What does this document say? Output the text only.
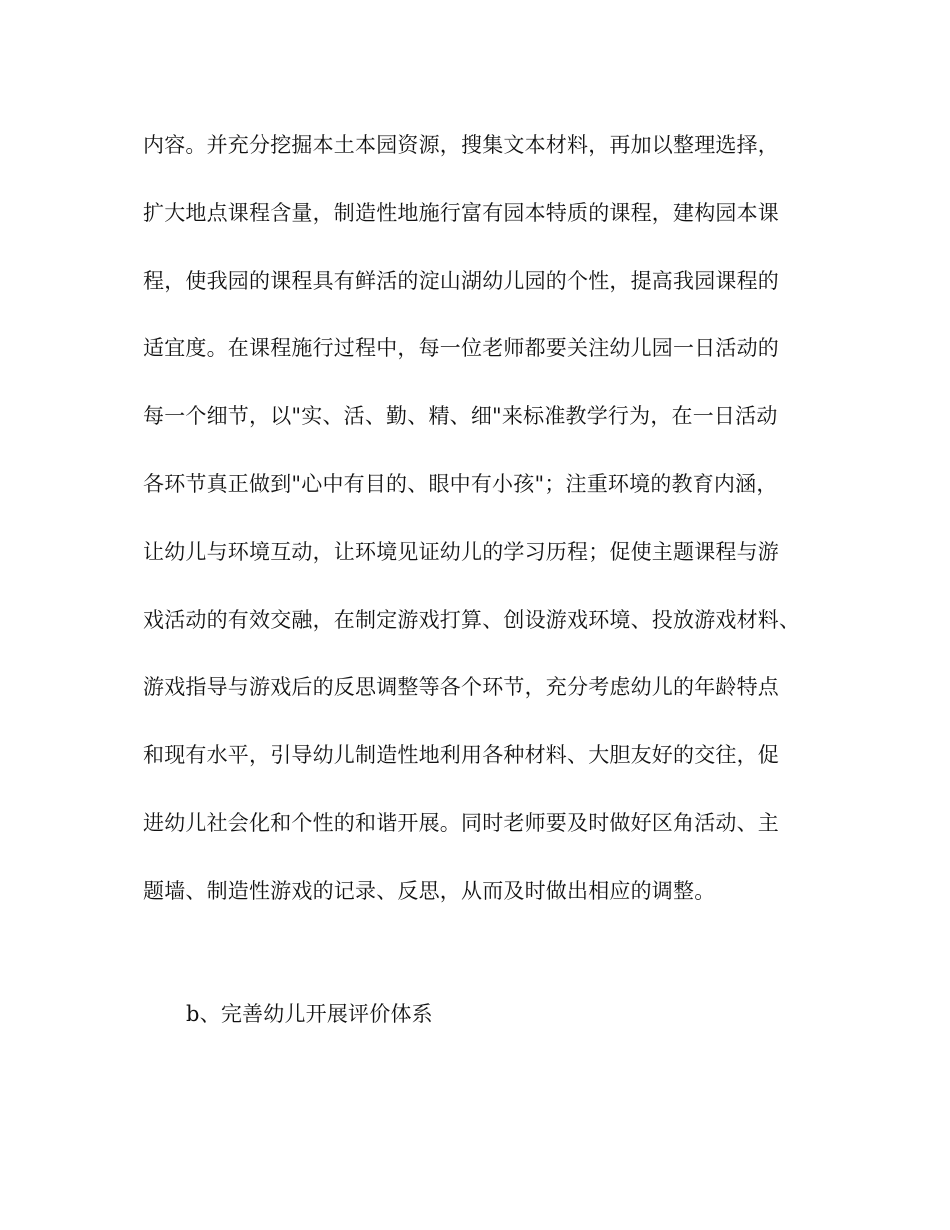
内容。并充分挖掘本土本园资源，搜集文本材料，再加以整理选择，
扩大地点课程含量，制造性地施行富有园本特质的课程，建构园本课
程，使我园的课程具有鲜活的淀山湖幼儿园的个性，提高我园课程的
适宜度。在课程施行过程中，每一位老师都要关注幼儿园一日活动的
每一个细节，以"实、活、勤、精、细"来标准教学行为，在一日活动
各环节真正做到"心中有目的、眼中有小孩"；注重环境的教育内涵，
让幼儿与环境互动，让环境见证幼儿的学习历程；促使主题课程与游
戏活动的有效交融，在制定游戏打算、创设游戏环境、投放游戏材料、
游戏指导与游戏后的反思调整等各个环节，充分考虑幼儿的年龄特点
和现有水平，引导幼儿制造性地利用各种材料、大胆友好的交往，促
进幼儿社会化和个性的和谐开展。同时老师要及时做好区角活动、主
题墙、制造性游戏的记录、反思，从而及时做出相应的调整。
b、完善幼儿开展评价体系
